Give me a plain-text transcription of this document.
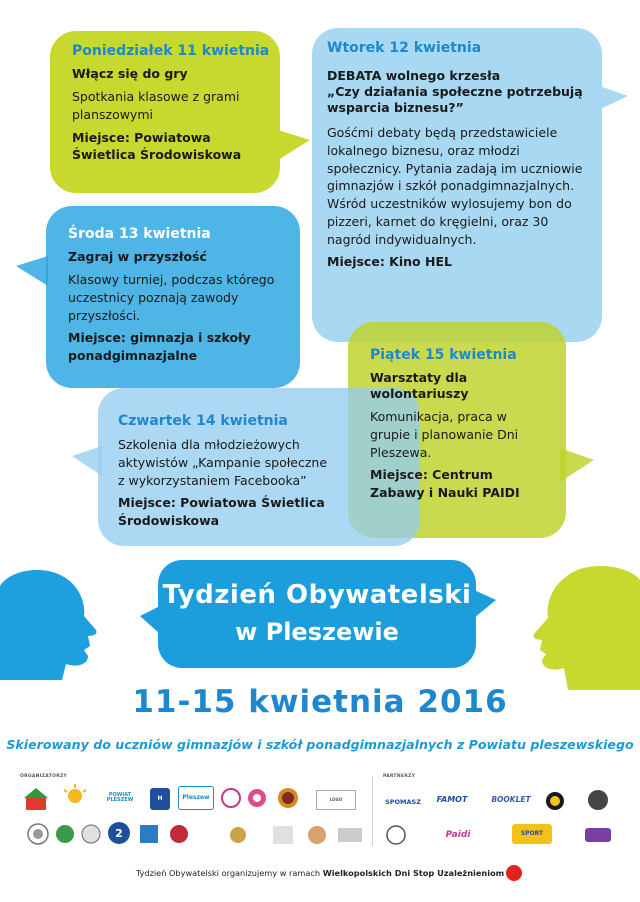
Poniedziałek 11 kwietnia
Włącz się do gry
Spotkania klasowe z grami planszowymi
Miejsce: Powiatowa Świetlica Środowiskowa
Wtorek 12 kwietnia
DEBATA wolnego krzesła
„Czy działania społeczne potrzebują wsparcia biznesu?”
Gośćmi debaty będą przedstawiciele lokalnego biznesu, oraz młodzi społecznicy. Pytania zadają im uczniowie gimnazjów i szkół ponadgimnazjalnych. Wśród uczestników wylosujemy bon do pizzeri, karnet do kręgielni, oraz 30 nagród indywidualnych.
Miejsce: Kino HEL
Środa 13 kwietnia
Zagraj w przyszłość
Klasowy turniej, podczas którego uczestnicy poznają zawody przyszłości.
Miejsce: gimnazja i szkoły ponadgimnazjalne
Czwartek 14 kwietnia
Szkolenia dla młodzieżowych aktywistów „Kampanie społeczne z wykorzystaniem Facebooka”
Miejsce: Powiatowa Świetlica Środowiskowa
Piątek 15 kwietnia
Warsztaty dla wolontariuszy
Komunikacja, praca w grupie i planowanie Dni Pleszewa.
Miejsce: Centrum Zabawy i Nauki PAIDI
Tydzień Obywatelski
w Pleszewie
11-15 kwietnia 2016
Skierowany do uczniów gimnazjów i szkół ponadgimnazjalnych z Powiatu pleszewskiego
ORGANIZATORZY	PARTNERZY
POWIAT
PLESZEW	H	Pleszew	LOGO
2
SPOMASZ	FAMOT	BOOKLET
Paidi	SPORT
Tydzień Obywatelski organizujemy w ramach Wielkopolskich Dni Stop Uzależnieniom
